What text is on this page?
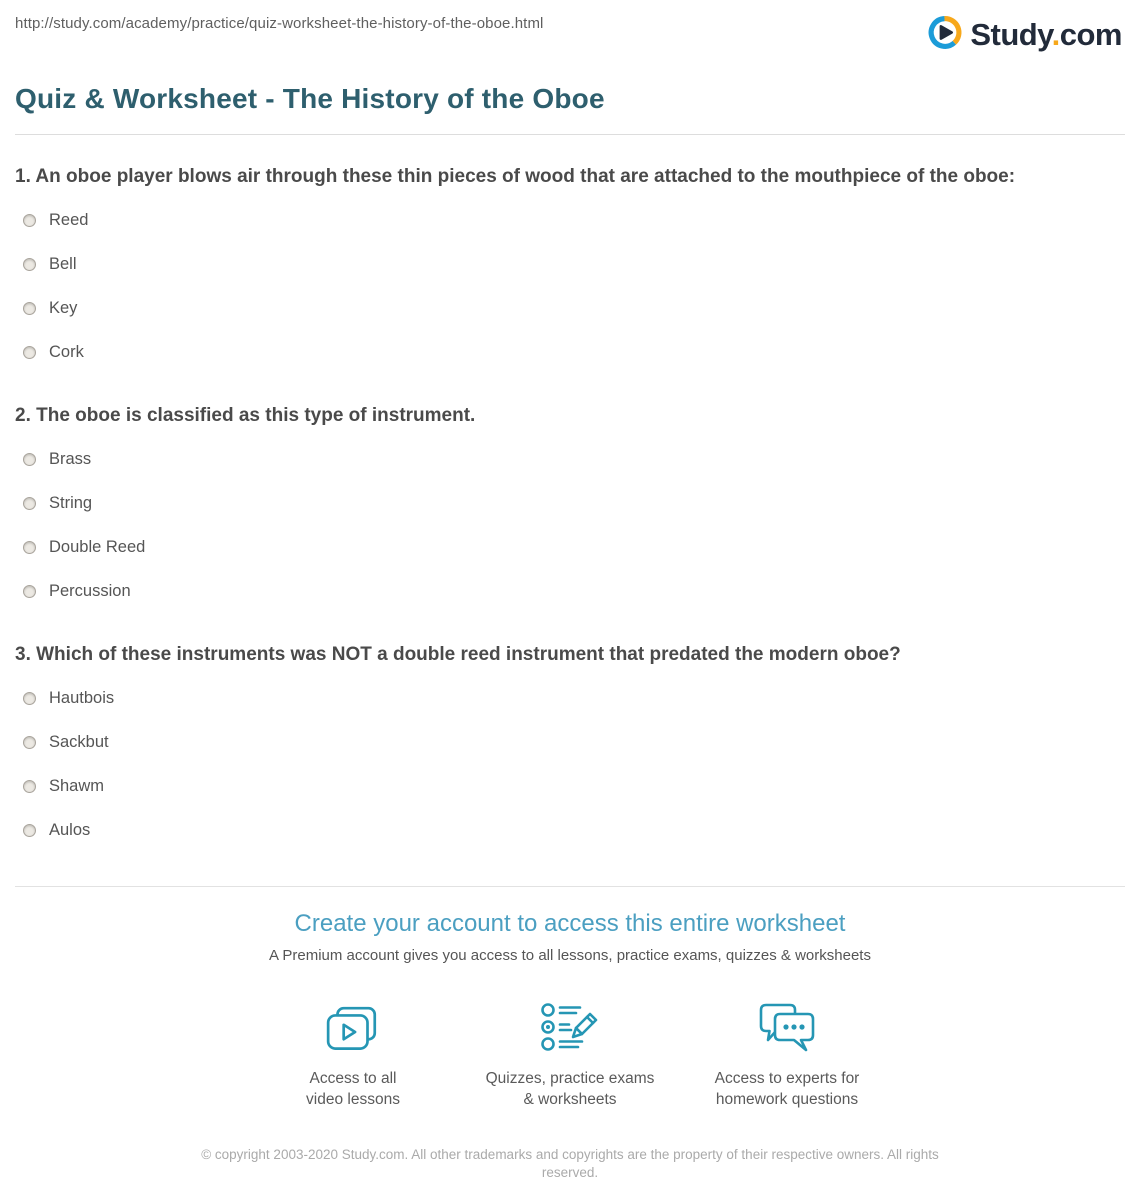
http://study.com/academy/practice/quiz-worksheet-the-history-of-the-oboe.html	Study.com
Quiz & Worksheet - The History of the Oboe
1. An oboe player blows air through these thin pieces of wood that are attached to the mouthpiece of the oboe:
Reed
Bell
Key
Cork
2. The oboe is classified as this type of instrument.
Brass
String
Double Reed
Percussion
3. Which of these instruments was NOT a double reed instrument that predated the modern oboe?
Hautbois
Sackbut
Shawm
Aulos
Create your account to access this entire worksheet
A Premium account gives you access to all lessons, practice exams, quizzes & worksheets
Access to all
video lessons
Quizzes, practice exams
& worksheets
Access to experts for
homework questions
© copyright 2003-2020 Study.com. All other trademarks and copyrights are the property of their respective owners. All rights
reserved.
